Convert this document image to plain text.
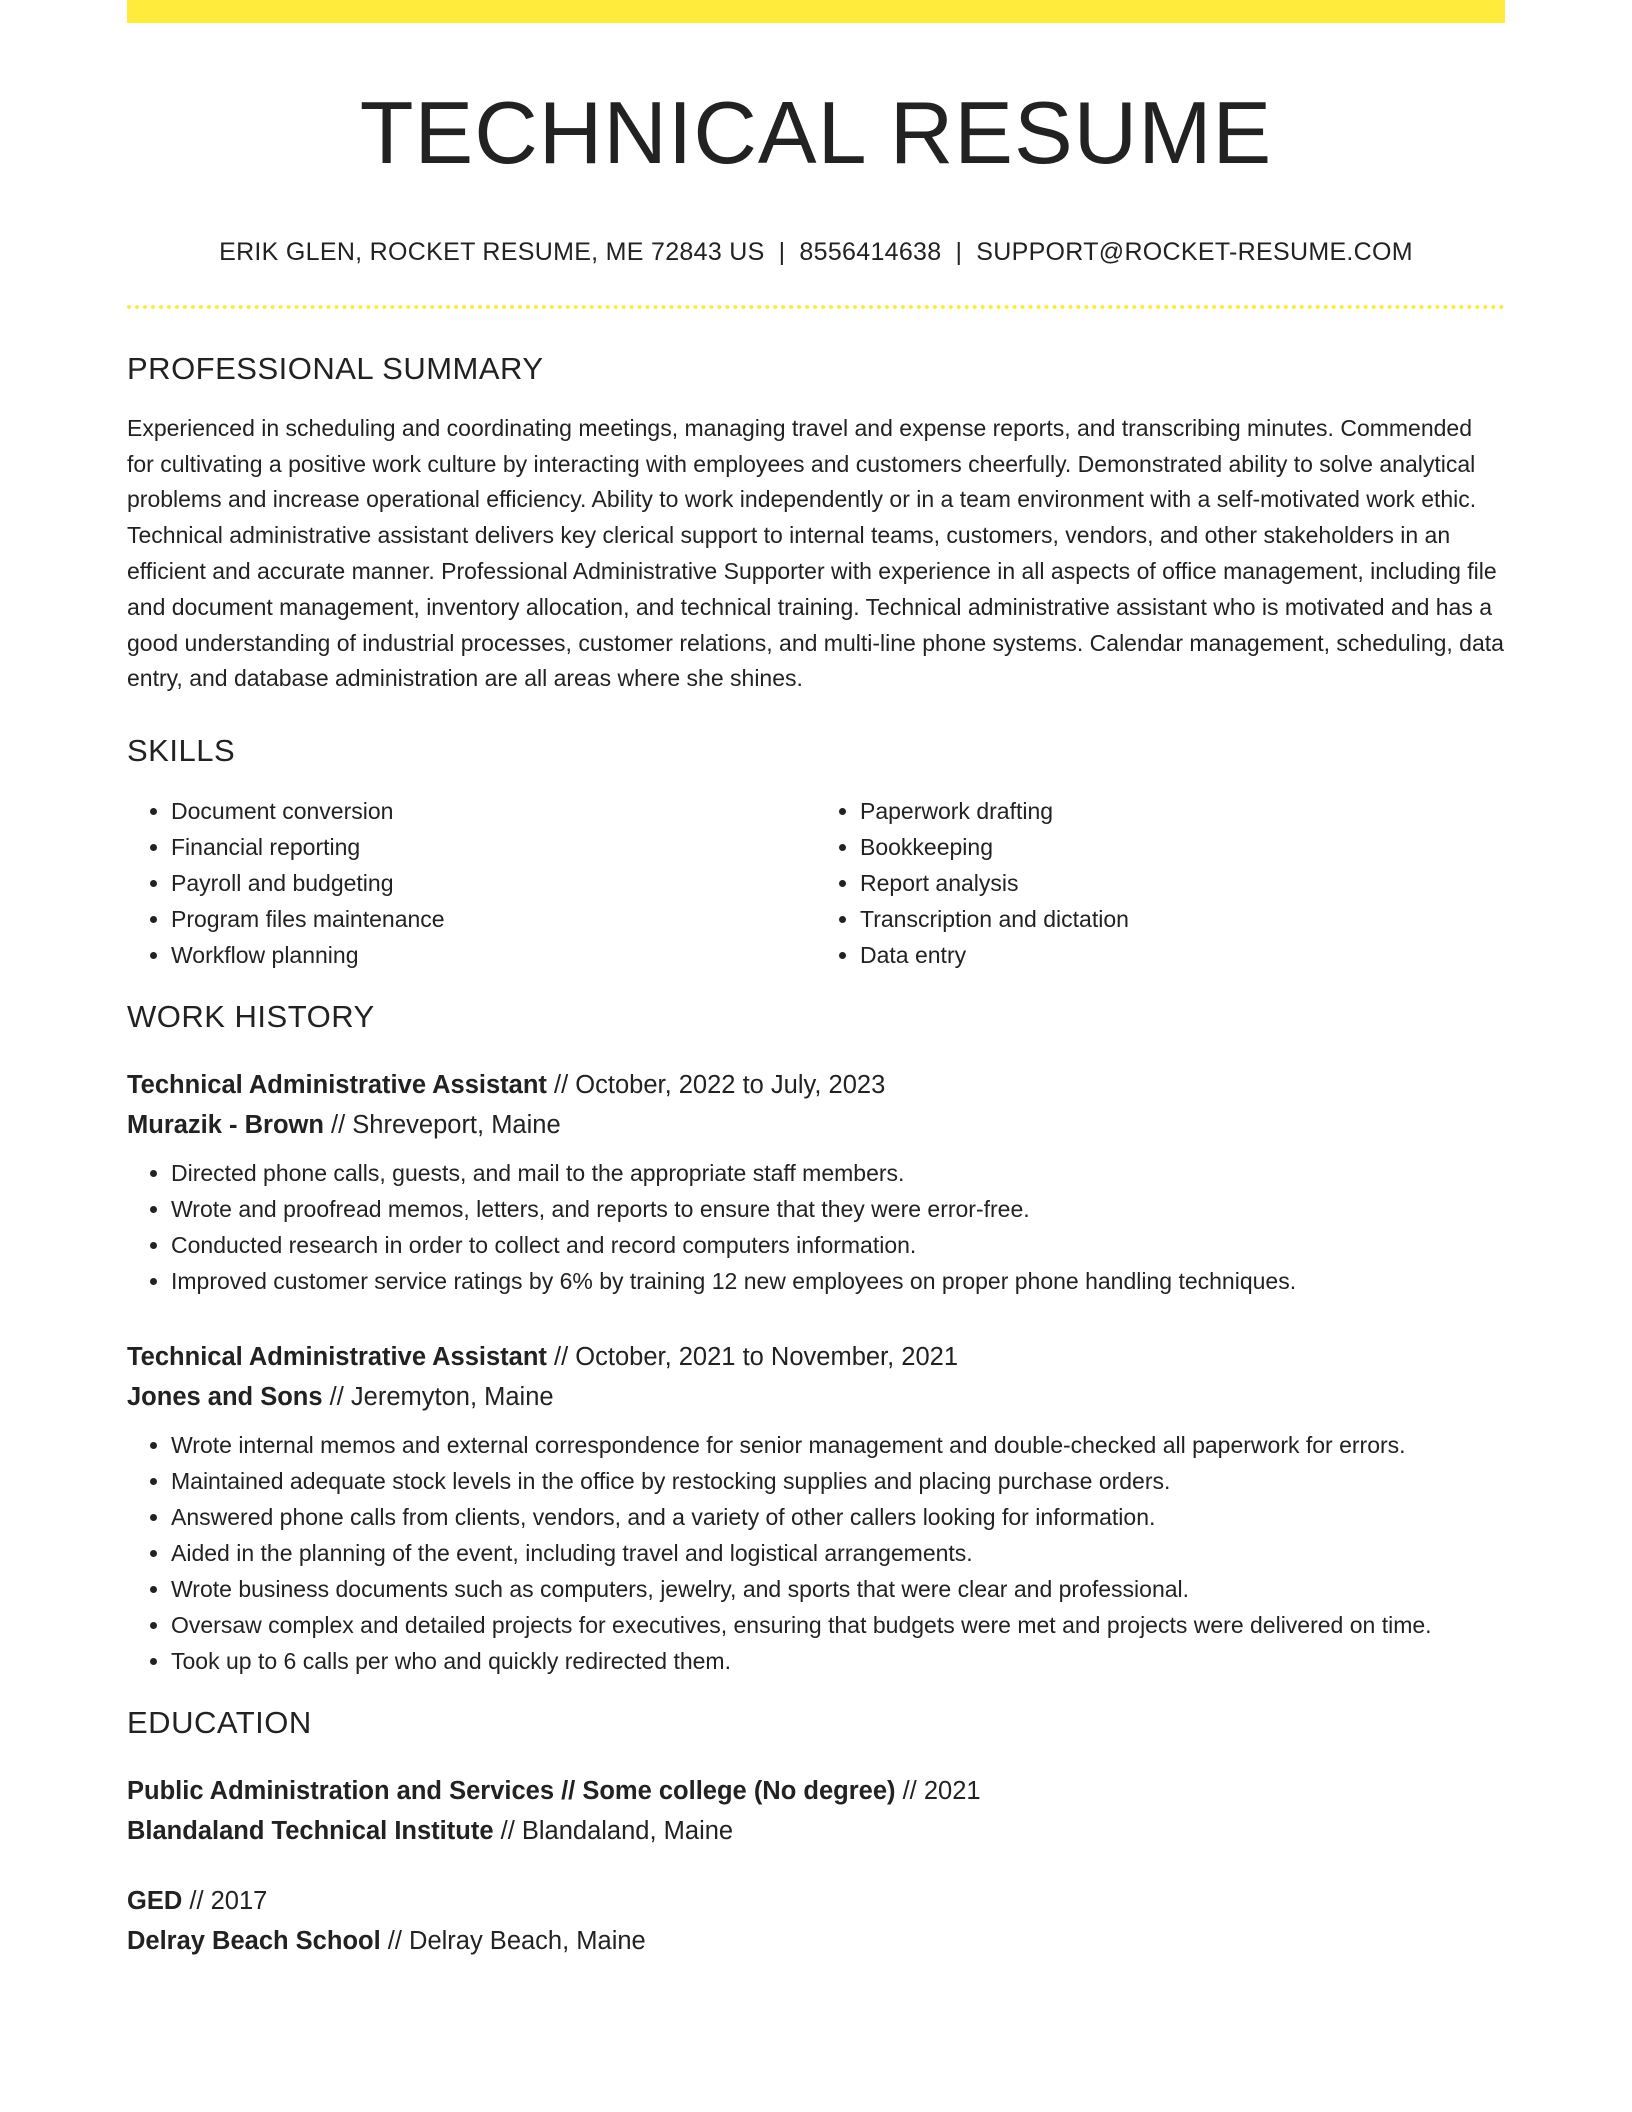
TECHNICAL RESUME
ERIK GLEN, ROCKET RESUME, ME 72843 US | 8556414638 | SUPPORT@ROCKET-RESUME.COM
PROFESSIONAL SUMMARY
Experienced in scheduling and coordinating meetings, managing travel and expense reports, and transcribing minutes. Commended for cultivating a positive work culture by interacting with employees and customers cheerfully. Demonstrated ability to solve analytical problems and increase operational efficiency. Ability to work independently or in a team environment with a self-motivated work ethic. Technical administrative assistant delivers key clerical support to internal teams, customers, vendors, and other stakeholders in an efficient and accurate manner. Professional Administrative Supporter with experience in all aspects of office management, including file and document management, inventory allocation, and technical training. Technical administrative assistant who is motivated and has a good understanding of industrial processes, customer relations, and multi-line phone systems. Calendar management, scheduling, data entry, and database administration are all areas where she shines.
SKILLS
• Document conversion
• Financial reporting
• Payroll and budgeting
• Program files maintenance
• Workflow planning
• Paperwork drafting
• Bookkeeping
• Report analysis
• Transcription and dictation
• Data entry
WORK HISTORY
Technical Administrative Assistant // October, 2022 to July, 2023
Murazik - Brown // Shreveport, Maine
• Directed phone calls, guests, and mail to the appropriate staff members.
• Wrote and proofread memos, letters, and reports to ensure that they were error-free.
• Conducted research in order to collect and record computers information.
• Improved customer service ratings by 6% by training 12 new employees on proper phone handling techniques.
Technical Administrative Assistant // October, 2021 to November, 2021
Jones and Sons // Jeremyton, Maine
• Wrote internal memos and external correspondence for senior management and double-checked all paperwork for errors.
• Maintained adequate stock levels in the office by restocking supplies and placing purchase orders.
• Answered phone calls from clients, vendors, and a variety of other callers looking for information.
• Aided in the planning of the event, including travel and logistical arrangements.
• Wrote business documents such as computers, jewelry, and sports that were clear and professional.
• Oversaw complex and detailed projects for executives, ensuring that budgets were met and projects were delivered on time.
• Took up to 6 calls per who and quickly redirected them.
EDUCATION
Public Administration and Services // Some college (No degree) // 2021
Blandaland Technical Institute // Blandaland, Maine
GED // 2017
Delray Beach School // Delray Beach, Maine
